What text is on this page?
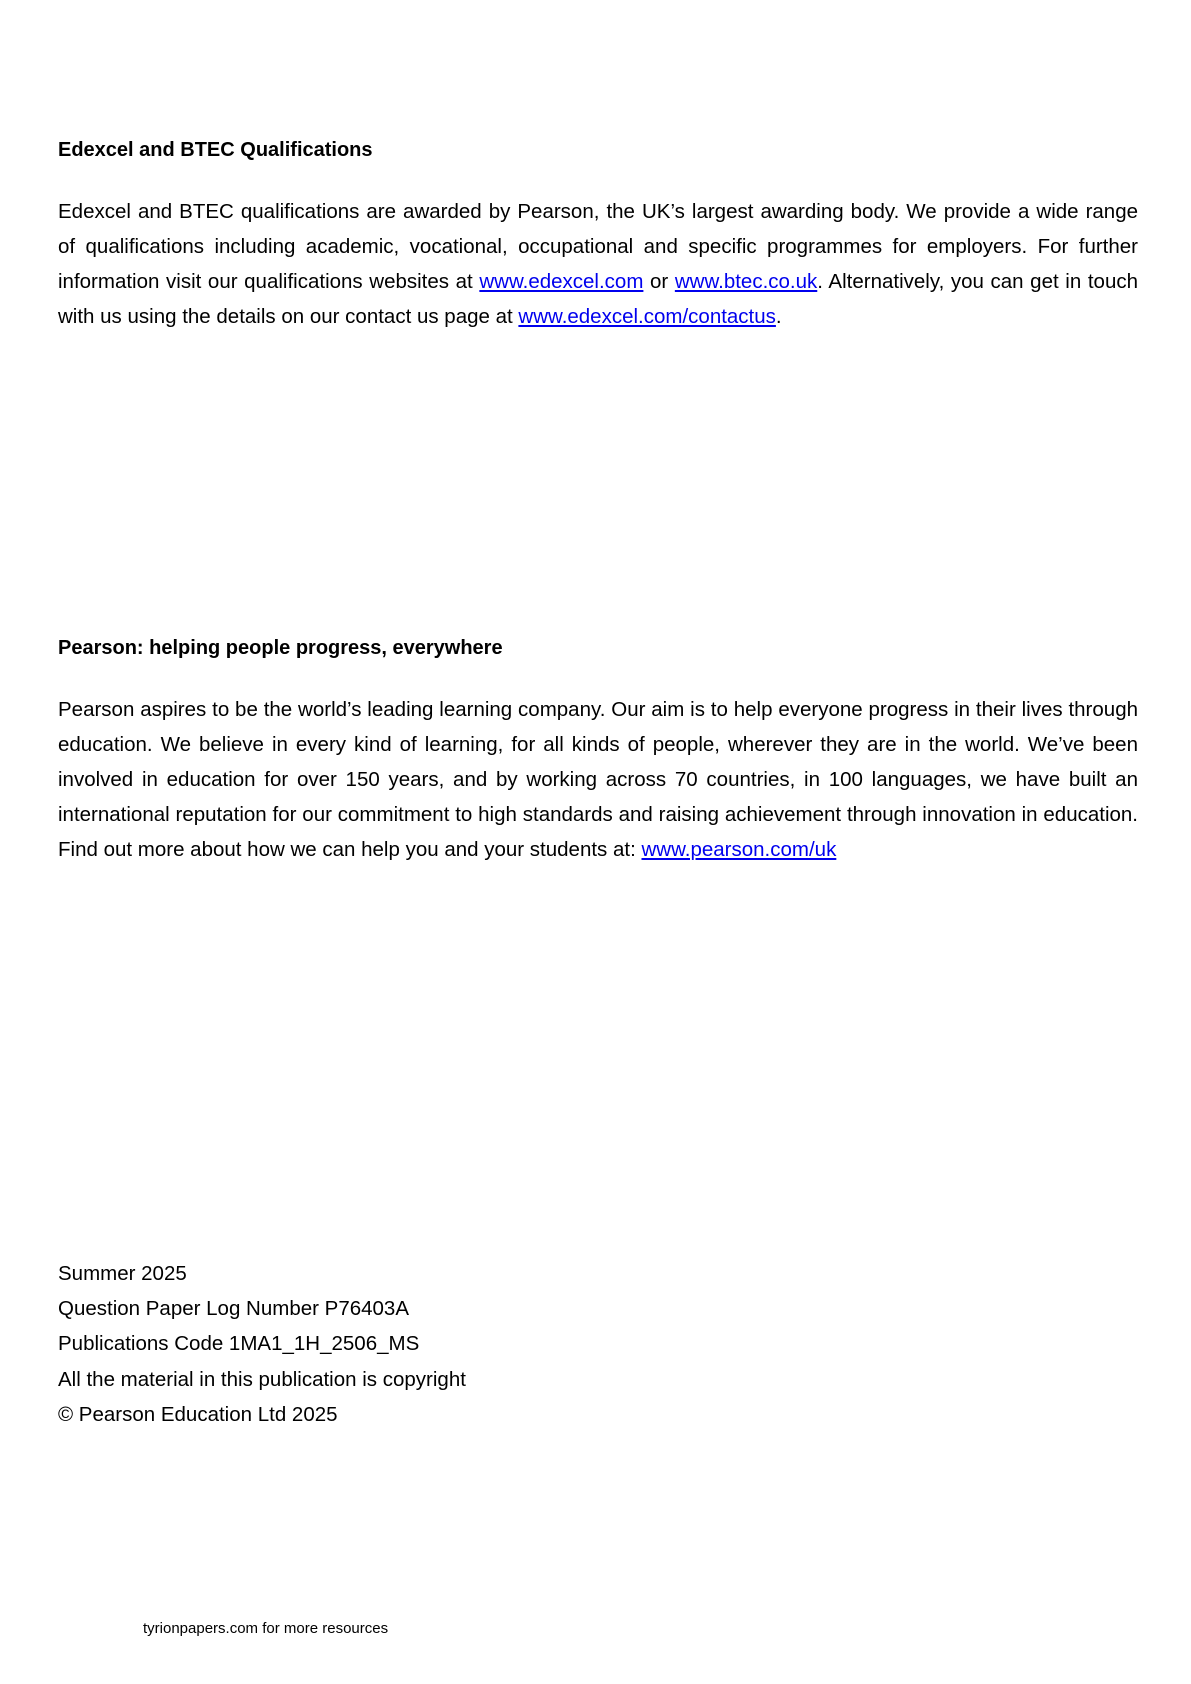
Edexcel and BTEC Qualifications

Edexcel and BTEC qualifications are awarded by Pearson, the UK’s largest awarding body. We provide a wide range of qualifications including academic, vocational, occupational and specific programmes for employers. For further information visit our qualifications websites at www.edexcel.com or www.btec.co.uk. Alternatively, you can get in touch with us using the details on our contact us page at www.edexcel.com/contactus.

Pearson: helping people progress, everywhere

Pearson aspires to be the world’s leading learning company. Our aim is to help everyone progress in their lives through education. We believe in every kind of learning, for all kinds of people, wherever they are in the world. We’ve been involved in education for over 150 years, and by working across 70 countries, in 100 languages, we have built an international reputation for our commitment to high standards and raising achievement through innovation in education. Find out more about how we can help you and your students at: www.pearson.com/uk

Summer 2025
Question Paper Log Number P76403A
Publications Code 1MA1_1H_2506_MS
All the material in this publication is copyright
© Pearson Education Ltd 2025
tyrionpapers.com for more resources
